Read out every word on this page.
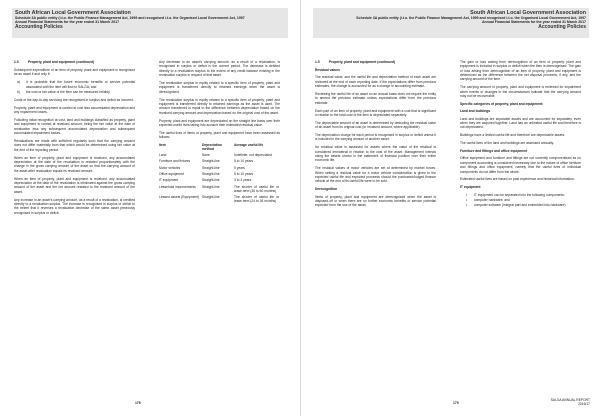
South African Local Government Association
Schedule 3A public entity (i.t.o. the Public Finance Management Act, 1999 and recognised i.t.o. the Organised Local Government Act, 1997
Annual Financial Statements for the year ended 31 March 2017
Accounting Policies
1.5	Property, plant and equipment (continued)

Subsequent expenditure of an item of property, plant and equipment is recognised as an asset if and only if:

a)	It is probable that the future economic benefits or service potential associated with the item will flow to SALGA; and
b)	the cost or fair value of the item can be measured reliably.

Costs of the day-to-day servicing are recognised in surplus and deficit as incurred.

Property, plant and equipment is carried at cost less accumulated depreciation and any impairment losses.

Following initial recognition at cost, land and buildings classified as property, plant and equipment is carried at revalued amount, being the fair value at the date of revaluation less any subsequent accumulated depreciation and subsequent accumulated impairment losses.

Revaluations are made with sufficient regularity such that the carrying amount does not differ materially from that which would be determined using fair value at the end of the reporting period.

When an item of property, plant and equipment is revalued, any accumulated depreciation at the date of the revaluation is restated proportionately with the change in the gross carrying amount of the asset so that the carrying amount of the asset after revaluation equals its revalued amount.

When an item of property, plant and equipment is revalued, any accumulated depreciation at the date of the revaluation is eliminated against the gross carrying amount of the asset and the net amount restated to the revalued amount of the asset.

Any increase in an asset's carrying amount, as a result of a revaluation, is credited directly to a revaluation surplus. The increase is recognised in surplus or deficit to the extent that it reverses a revaluation decrease of the same asset previously recognised in surplus or deficit.

Any decrease in an asset's carrying amount, as a result of a revaluation, is recognised in surplus or deficit in the current period. The decrease is debited directly to a revaluation surplus to the extent of any credit balance existing in the revaluation surplus in respect of that asset.

The revaluation surplus in equity related to a specific item of property, plant and equipment is transferred directly to retained earnings when the asset is derecognised.

The revaluation surplus in equity related to a specific item of property, plant and equipment is transferred directly to retained earnings as the asset is used. The amount transferred is equal to the difference between depreciation based on the revalued carrying amount and depreciation based on the original cost of the asset.

Property, plant and equipment are depreciated on the straight line basis over their expected useful lives taking into account their estimated residual value.

The useful lives of items of property, plant and equipment have been assessed as follows:

Item	Depreciation method	Average useful life
Land	None	Indefinite, not depreciated
Furniture and fixtures	Straight-line	5 to 10 years
Motor vehicles	Straight-line	5 years
Office equipment	Straight-line	5 to 10 years
IT equipment	Straight-line	3 to 4 years
Leasehold improvements	Straight-line	The shorter of useful life or lease term (36 to 60 months)
Leased assets (Equipment)	Straight-line	The shorter of useful life or lease term (24 to 36 months)
176
South African Local Government Association
Schedule 3A public entity (i.t.o. the Public Finance Management Act, 1999 and recognised i.t.o. the Organised Local Government Act, 1997
Annual Financial Statements for the year ended 31 March 2017
Accounting Policies
1.5	Property, plant and equipment (continued)
Residual values

The residual value, and the useful life and depreciation method of each asset are reviewed at the end of each reporting date. If the expectations differ from previous estimates, the change is accounted for as a change in accounting estimate.

Reviewing the useful life of an asset on an annual basis does not require the entity to amend the previous estimate unless expectations differ from the previous estimate.

Each part of an item of property, plant and equipment with a cost that is significant in relation to the total cost of the item is depreciated separately.

The depreciable amount of an asset is determined by deducting the residual value of an asset from its original cost (or revalued amount, where applicable).

The depreciation charge for each period is recognised in surplus or deficit unless it is included in the carrying amount of another asset.

No residual value is assessed for assets where the value of the residual is considered immaterial in relation to the cost of the asset. Management intends using the assets shown in the statement of financial position over their entire economic life.

The residual values of motor vehicles are set at determined by market forces. When setting a residual value for a motor vehicle consideration is given to the expected useful life and expected proceeds should the purchased/lodged finance vehicle at the end of its useful life were to be sold.

Derecognition

Items of property, plant and equipment are derecognised when the asset is disposed-off or when there are no further economic benefits or service potential expected from the use of the asset.

The gain or loss arising from derecognition of an item of property, plant and equipment is included in surplus or deficit when the item is derecognised. The gain or loss arising from derecognition of an item of property, plant and equipment is determined as the difference between the net disposal proceeds, if any, and the carrying amount of the item.

The carrying amount of property, plant and equipment is reviewed for impairment when events or changes in the circumstances indicate that the carrying amount may not be recoverable.

Specific categories of property, plant and equipment:
Land and buildings

Land and buildings are separable assets and are accounted for separately, even when they are acquired together. Land has an unlimited useful life and therefore is not depreciated.

Buildings have a limited useful life and therefore are depreciable assets.

The useful lives of the land and buildings are assessed annually.

Furniture and fittings and office equipment

Office equipment and furniture and fittings are not currently componentised as no component accounting is considered necessary due to the nature of office furniture and fittings and office equipment, namely that the useful lives of individual components do not differ from the whole.

Estimated useful lives are based on past experience and historical information.

IT equipment
• IT equipment can be separated into the following components:
• computer hardware; and
• computer software (integral part and embedded into hardware).
179
SALGA ANNUAL REPORT
2016/17
